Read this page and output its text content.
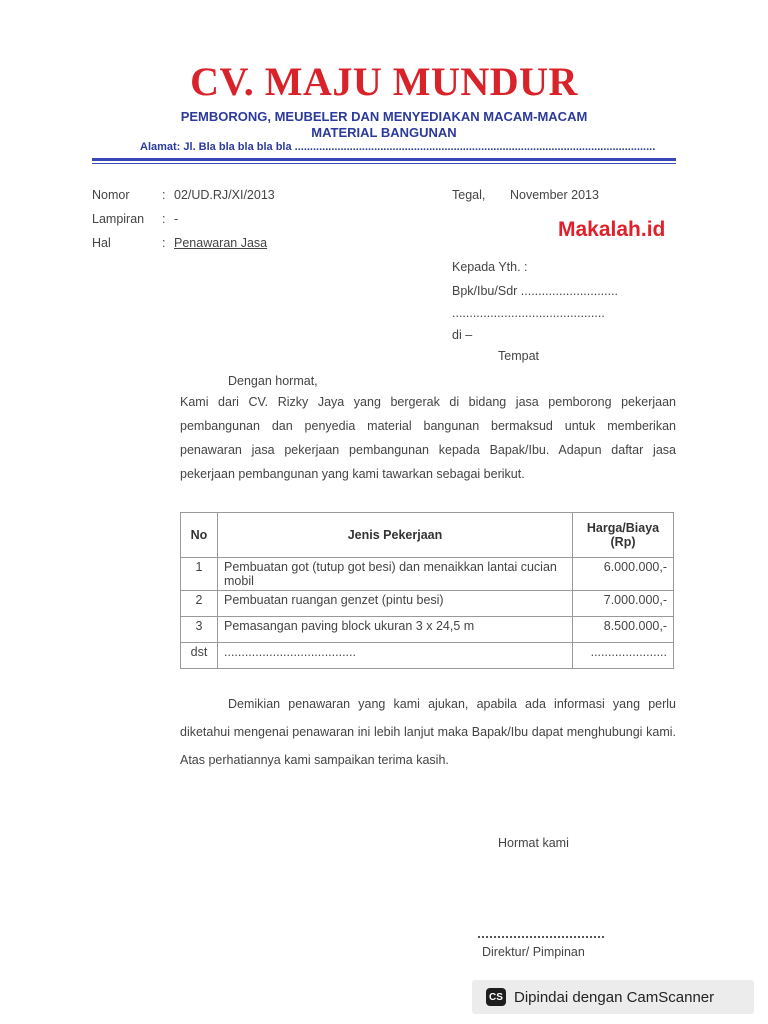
CV. MAJU MUNDUR
PEMBORONG, MEUBELER DAN MENYEDIAKAN MACAM-MACAM
MATERIAL BANGUNAN
Alamat: Jl. Bla bla bla bla bla ......................................................................................................................
Nomor	: 02/UD.RJ/XI/2013
Lampiran : -
Hal	: Penawaran Jasa
Tegal, November 2013
Makalah.id
Kepada Yth. :
Bpk/Ibu/Sdr ............................
............................................
di –
Tempat
Dengan hormat,

Kami dari CV. Rizky Jaya yang bergerak di bidang jasa pemborong pekerjaan pembangunan dan penyedia material bangunan bermaksud untuk memberikan penawaran jasa pekerjaan pembangunan kepada Bapak/Ibu. Adapun daftar jasa pekerjaan pembangunan yang kami tawarkan sebagai berikut.

No	Jenis Pekerjaan	Harga/Biaya
(Rp)

1	Pembuatan got (tutup got besi) dan menaikkan lantai cucian mobil	6.000.000,-
2	Pembuatan ruangan genzet (pintu besi)	7.000.000,-
3	Pemasangan paving block ukuran 3 x 24,5 m	8.500.000,-
dst	......................................	......................

Demikian penawaran yang kami ajukan, apabila ada informasi yang perlu diketahui mengenai penawaran ini lebih lanjut maka Bapak/Ibu dapat menghubungi kami. Atas perhatiannya kami sampaikan terima kasih.

Hormat kami
Direktur/ Pimpinan
CS Dipindai dengan CamScanner
